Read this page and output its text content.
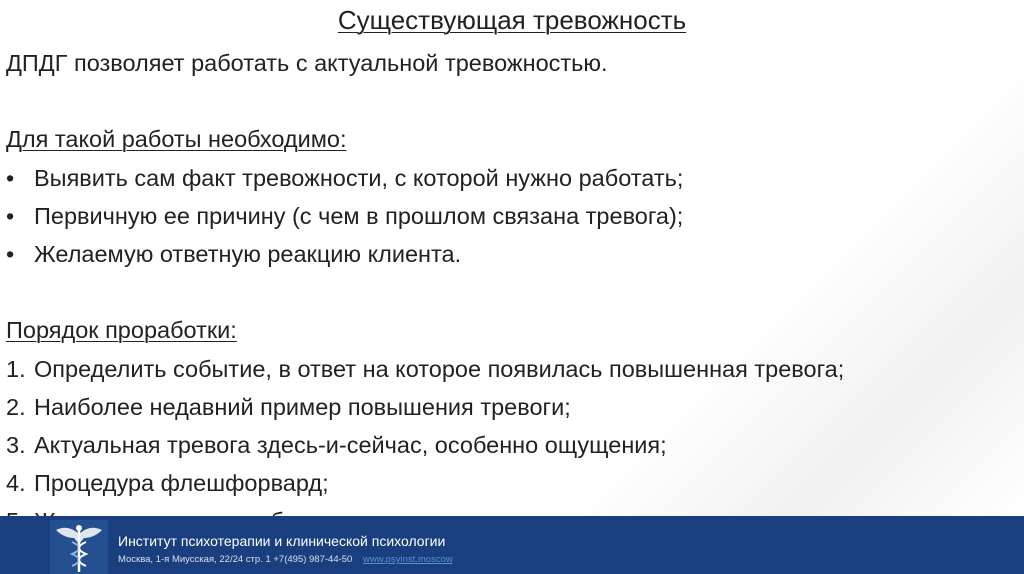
Существующая тревожность
ДПДГ позволяет работать с актуальной тревожностью.
Для такой работы необходимо:
• Выявить сам факт тревожности, с которой нужно работать;
• Первичную ее причину (с чем в прошлом связана тревога);
• Желаемую ответную реакцию клиента.
Порядок проработки:
1. Определить событие, в ответ на которое появилась повышенная тревога;
2. Наиболее недавний пример повышения тревоги;
3. Актуальная тревога здесь-и-сейчас, особенно ощущения;
4. Процедура флешфорвард;
Институт психотерапии и клинической психологии
Москва, 1-я Миусская, 22/24 стр. 1 +7(495) 987-44-50 www.psyinst.moscow
